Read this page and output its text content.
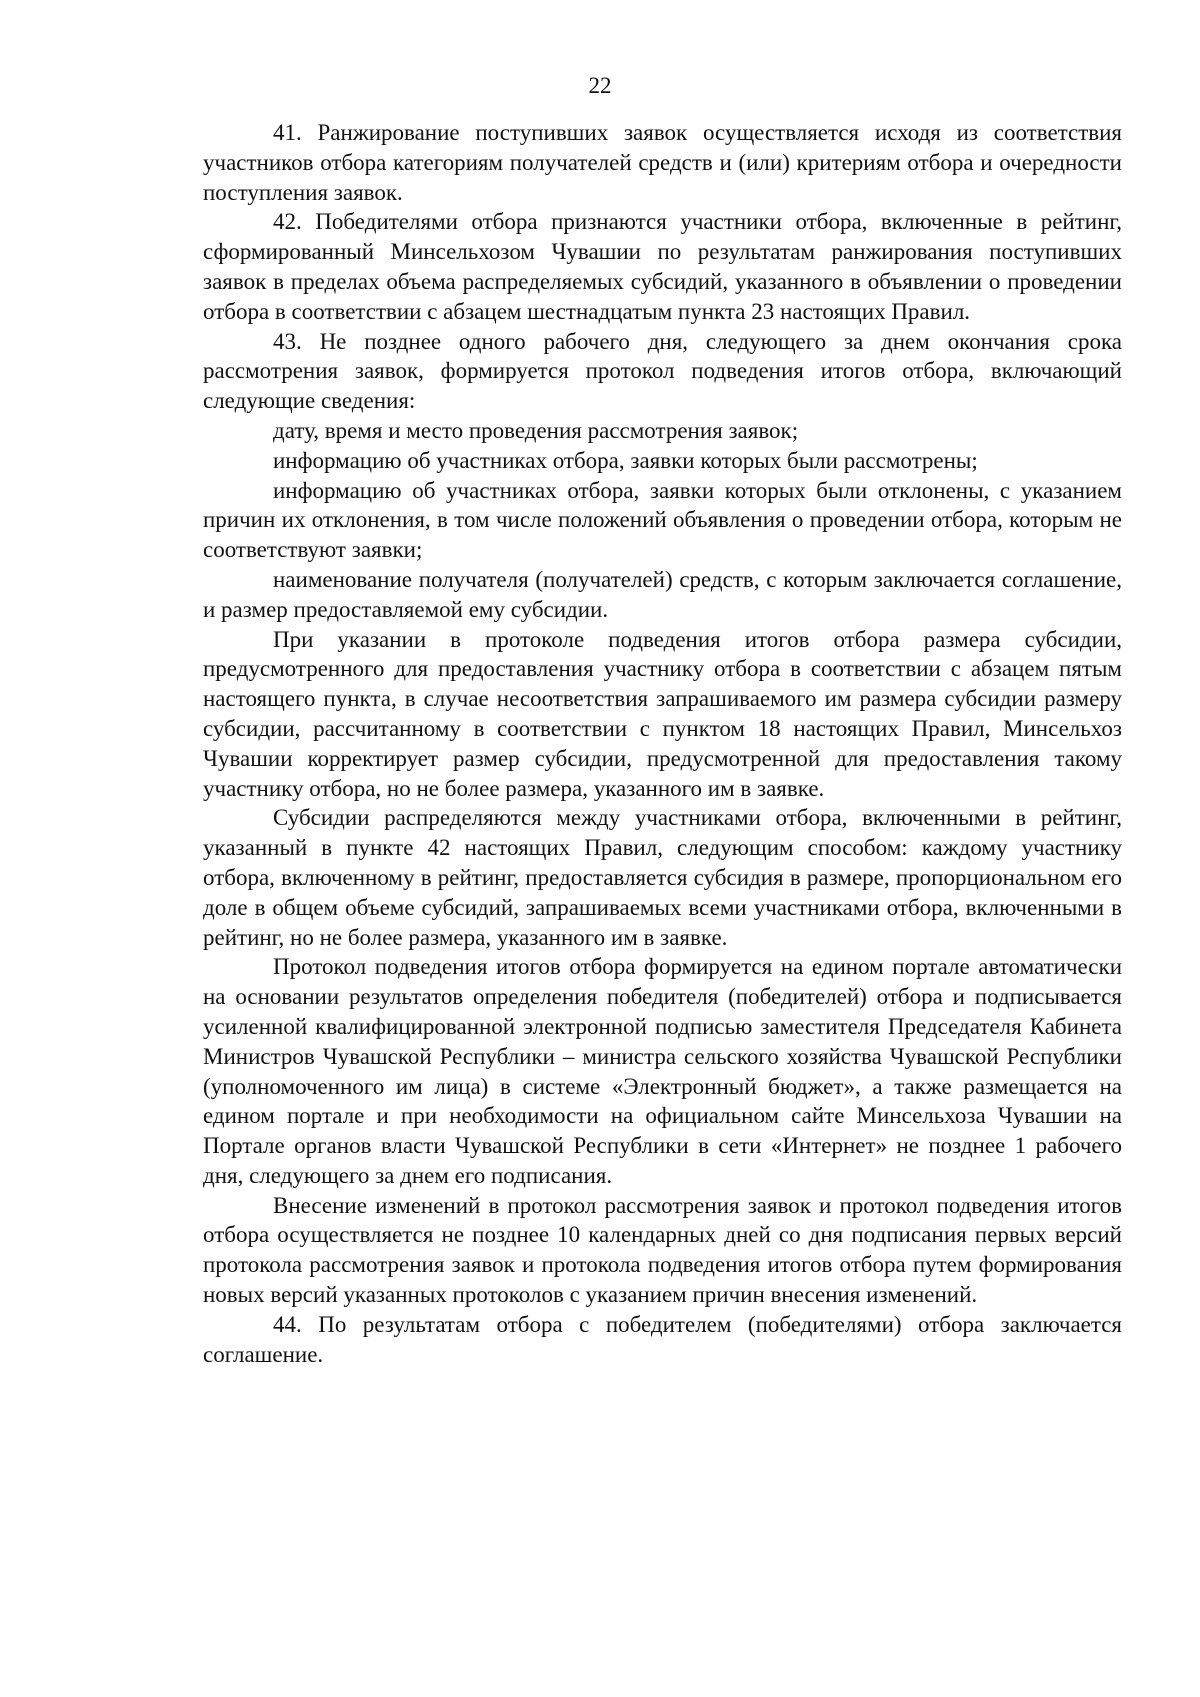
22

41. Ранжирование поступивших заявок осуществляется исходя из соответствия участников отбора категориям получателей средств и (или) критериям отбора и очередности поступления заявок.

42. Победителями отбора признаются участники отбора, включенные в рейтинг, сформированный Минсельхозом Чувашии по результатам ранжирования поступивших заявок в пределах объема распределяемых субсидий, указанного в объявлении о проведении отбора в соответствии с абзацем шестнадцатым пункта 23 настоящих Правил.

43. Не позднее одного рабочего дня, следующего за днем окончания срока рассмотрения заявок, формируется протокол подведения итогов отбора, включающий следующие сведения:

дату, время и место проведения рассмотрения заявок;

информацию об участниках отбора, заявки которых были рассмотрены;

информацию об участниках отбора, заявки которых были отклонены, с указанием причин их отклонения, в том числе положений объявления о проведении отбора, которым не соответствуют заявки;

наименование получателя (получателей) средств, с которым заключается соглашение, и размер предоставляемой ему субсидии.

При указании в протоколе подведения итогов отбора размера субсидии, предусмотренного для предоставления участнику отбора в соответствии с абзацем пятым настоящего пункта, в случае несоответствия запрашиваемого им размера субсидии размеру субсидии, рассчитанному в соответствии с пунктом 18 настоящих Правил, Минсельхоз Чувашии корректирует размер субсидии, предусмотренной для предоставления такому участнику отбора, но не более размера, указанного им в заявке.

Субсидии распределяются между участниками отбора, включенными в рейтинг, указанный в пункте 42 настоящих Правил, следующим способом: каждому участнику отбора, включенному в рейтинг, предоставляется субсидия в размере, пропорциональном его доле в общем объеме субсидий, запрашиваемых всеми участниками отбора, включенными в рейтинг, но не более размера, указанного им в заявке.

Протокол подведения итогов отбора формируется на едином портале автоматически на основании результатов определения победителя (победителей) отбора и подписывается усиленной квалифицированной электронной подписью заместителя Председателя Кабинета Министров Чувашской Республики – министра сельского хозяйства Чувашской Республики (уполномоченного им лица) в системе «Электронный бюджет», а также размещается на едином портале и при необходимости на официальном сайте Минсельхоза Чувашии на Портале органов власти Чувашской Республики в сети «Интернет» не позднее 1 рабочего дня, следующего за днем его подписания.

Внесение изменений в протокол рассмотрения заявок и протокол подведения итогов отбора осуществляется не позднее 10 календарных дней со дня подписания первых версий протокола рассмотрения заявок и протокола подведения итогов отбора путем формирования новых версий указанных протоколов с указанием причин внесения изменений.

44. По результатам отбора с победителем (победителями) отбора заключается соглашение.
